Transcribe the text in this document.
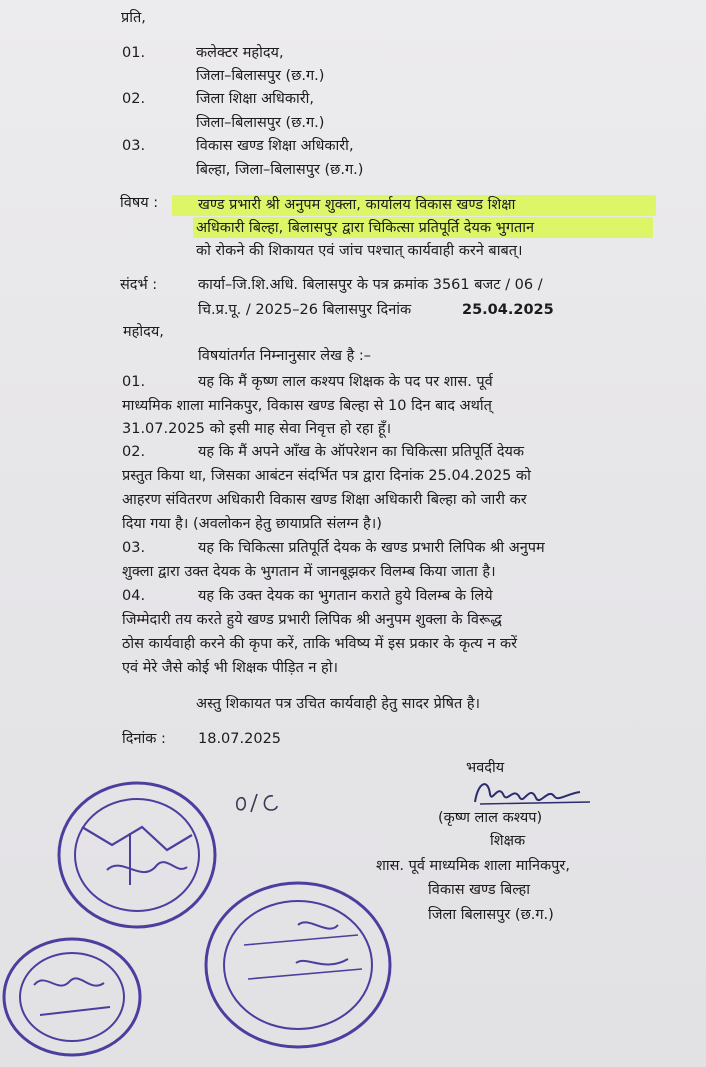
प्रति,
01.	कलेक्टर महोदय,
जिला–बिलासपुर (छ.ग.)
02.	जिला शिक्षा अधिकारी,
जिला–बिलासपुर (छ.ग.)
03.	विकास खण्ड शिक्षा अधिकारी,
बिल्हा, जिला–बिलासपुर (छ.ग.)
विषय :	खण्ड प्रभारी श्री अनुपम शुक्ला, कार्यालय विकास खण्ड शिक्षा
अधिकारी बिल्हा, बिलासपुर द्वारा चिकित्सा प्रतिपूर्ति देयक भुगतान
को रोकने की शिकायत एवं जांच पश्चात् कार्यवाही करने बाबत्।
संदर्भ :	कार्या–जि.शि.अधि. बिलासपुर के पत्र क्रमांक 3561 बजट / 06 /
चि.प्र.पू. / 2025–26 बिलासपुर दिनांक	25.04.2025
महोदय,
विषयांतर्गत निम्नानुसार लेख है :–
01.	यह कि मैं कृष्ण लाल कश्यप शिक्षक के पद पर शास. पूर्व
माध्यमिक शाला मानिकपुर, विकास खण्ड बिल्हा से 10 दिन बाद अर्थात्
31.07.2025 को इसी माह सेवा निवृत्त हो रहा हूँ।
02.	यह कि मैं अपने आँख के ऑपरेशन का चिकित्सा प्रतिपूर्ति देयक
प्रस्तुत किया था, जिसका आबंटन संदर्भित पत्र द्वारा दिनांक 25.04.2025 को
आहरण संवितरण अधिकारी विकास खण्ड शिक्षा अधिकारी बिल्हा को जारी कर
दिया गया है। (अवलोकन हेतु छायाप्रति संलग्न है।)
03.	यह कि चिकित्सा प्रतिपूर्ति देयक के खण्ड प्रभारी लिपिक श्री अनुपम
शुक्ला द्वारा उक्त देयक के भुगतान में जानबूझकर विलम्ब किया जाता है।
04.	यह कि उक्त देयक का भुगतान कराते हुये विलम्ब के लिये
जिम्मेदारी तय करते हुये खण्ड प्रभारी लिपिक श्री अनुपम शुक्ला के विरूद्ध
ठोस कार्यवाही करने की कृपा करें, ताकि भविष्य में इस प्रकार के कृत्य न करें
एवं मेरे जैसे कोई भी शिक्षक पीड़ित न हो।
अस्तु शिकायत पत्र उचित कार्यवाही हेतु सादर प्रेषित है।
दिनांक : 18.07.2025
भवदीय
(कृष्ण लाल कश्यप)
शिक्षक
शास. पूर्व माध्यमिक शाला मानिकपुर,
विकास खण्ड बिल्हा
जिला बिलासपुर (छ.ग.)
